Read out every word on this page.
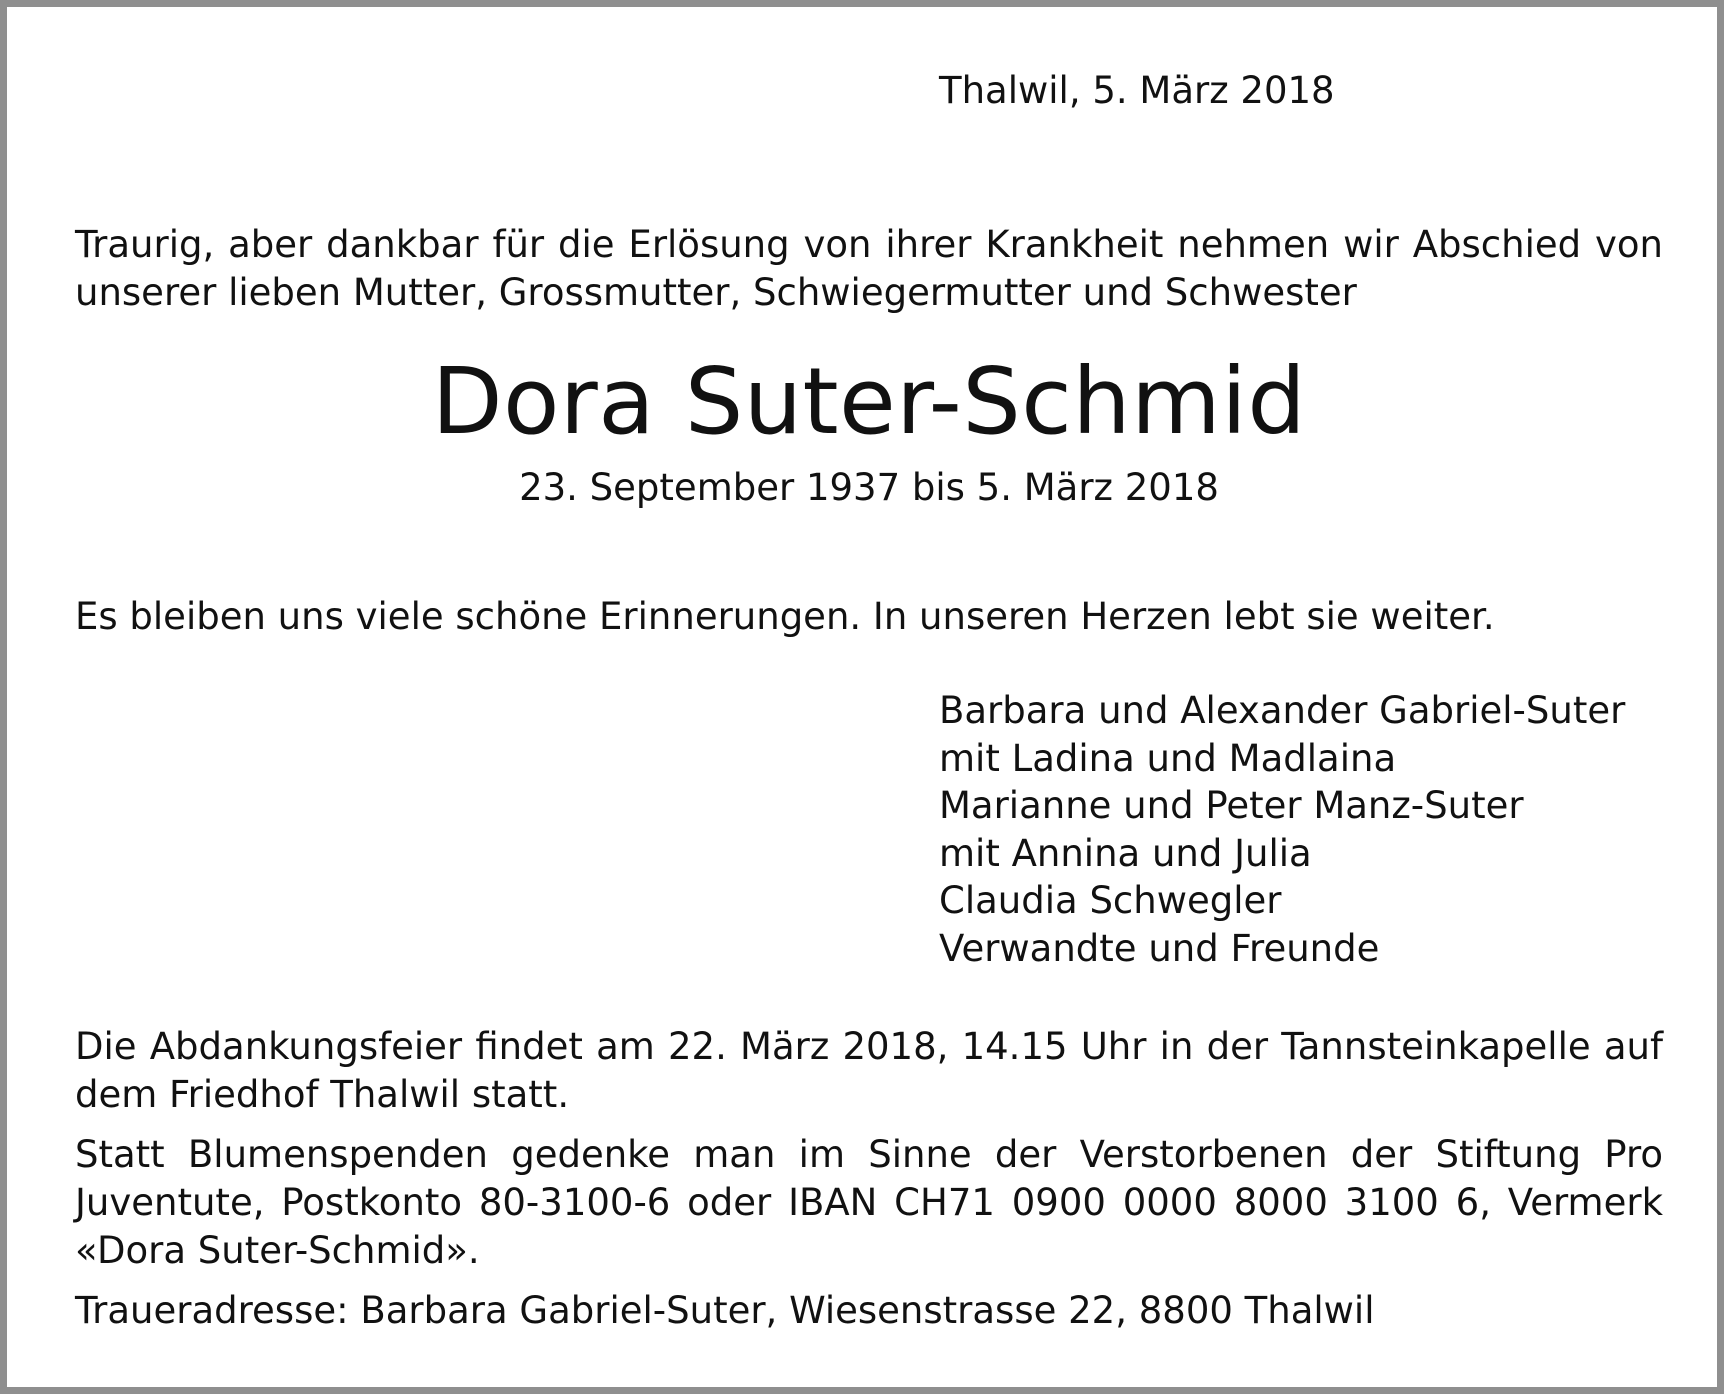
Thalwil, 5. März 2018
Traurig, aber dankbar für die Erlösung von ihrer Krankheit nehmen wir Abschied von unserer lieben Mutter, Grossmutter, Schwiegermutter und Schwester
Dora Suter-Schmid
23. September 1937 bis 5. März 2018
Es bleiben uns viele schöne Erinnerungen. In unseren Herzen lebt sie weiter.
Barbara und Alexander Gabriel-Suter
mit Ladina und Madlaina
Marianne und Peter Manz-Suter
mit Annina und Julia
Claudia Schwegler
Verwandte und Freunde
Die Abdankungsfeier findet am 22. März 2018, 14.15 Uhr in der Tannsteinkapelle auf dem Friedhof Thalwil statt.
Statt Blumenspenden gedenke man im Sinne der Verstorbenen der Stiftung Pro Juventute, Postkonto 80-3100-6 oder IBAN CH71 0900 0000 8000 3100 6, Vermerk «Dora Suter-Schmid».
Traueradresse: Barbara Gabriel-Suter, Wiesenstrasse 22, 8800 Thalwil
